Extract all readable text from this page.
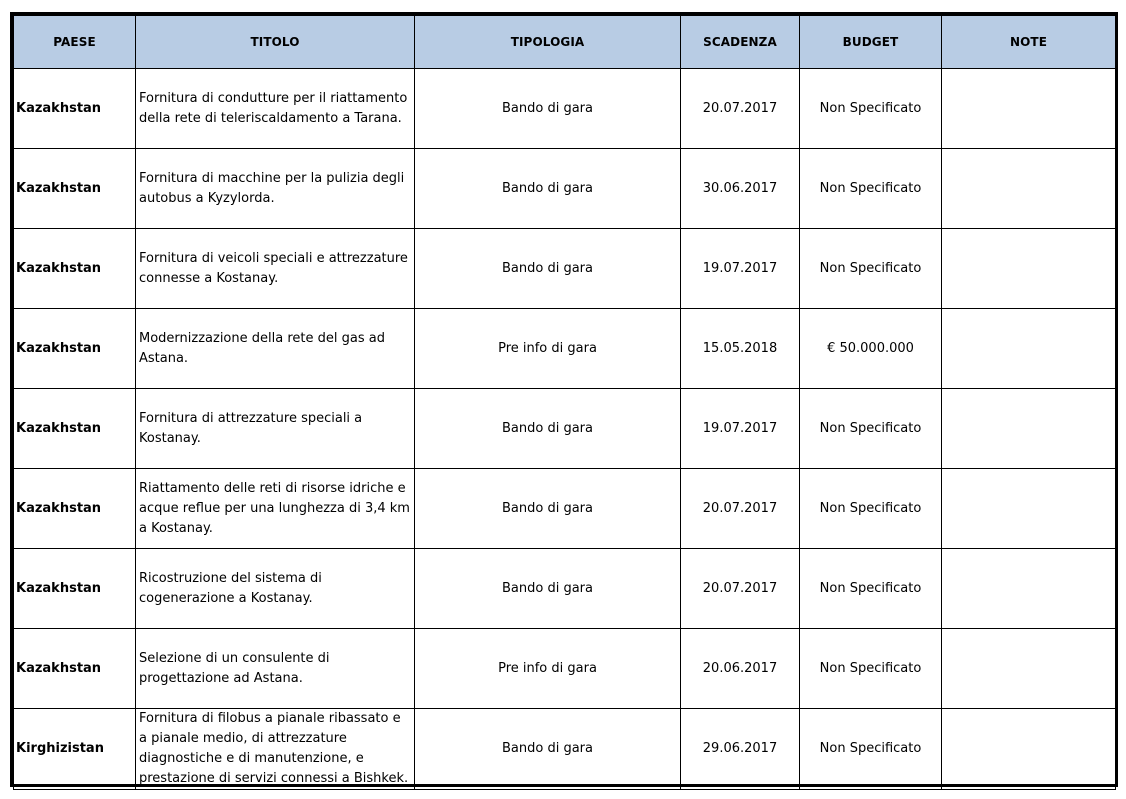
PAESE	TITOLO	TIPOLOGIA	SCADENZA	BUDGET	NOTE
Kazakhstan	Fornitura di condutture per il riattamento della rete di teleriscaldamento a Tarana.	Bando di gara	20.07.2017	Non Specificato	
Kazakhstan	Fornitura di macchine per la pulizia degli autobus a Kyzylorda.	Bando di gara	30.06.2017	Non Specificato	
Kazakhstan	Fornitura di veicoli speciali e attrezzature connesse a Kostanay.	Bando di gara	19.07.2017	Non Specificato	
Kazakhstan	Modernizzazione della rete del gas ad Astana.	Pre info di gara	15.05.2018	€ 50.000.000	
Kazakhstan	Fornitura di attrezzature speciali a Kostanay.	Bando di gara	19.07.2017	Non Specificato	
Kazakhstan	Riattamento delle reti di risorse idriche e acque reflue per una lunghezza di 3,4 km a Kostanay.	Bando di gara	20.07.2017	Non Specificato	
Kazakhstan	Ricostruzione del sistema di cogenerazione a Kostanay.	Bando di gara	20.07.2017	Non Specificato	
Kazakhstan	Selezione di un consulente di progettazione ad Astana.	Pre info di gara	20.06.2017	Non Specificato	
Kirghizistan	Fornitura di filobus a pianale ribassato e a pianale medio, di attrezzature diagnostiche e di manutenzione, e prestazione di servizi connessi a Bishkek.	Bando di gara	29.06.2017	Non Specificato	
